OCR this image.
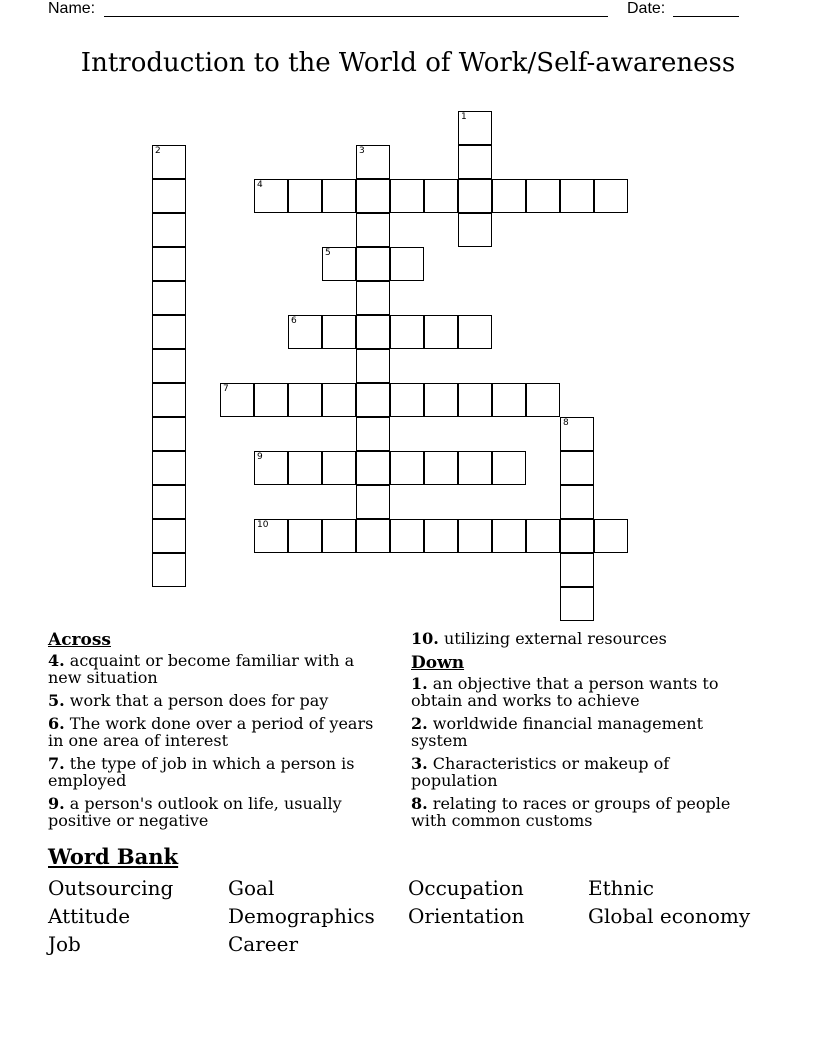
Name:	Date:
Introduction to the World of Work/Self-awareness
1
2	3
4
5
6
7
8
9
10
Across
4. acquaint or become familiar with a new situation
5. work that a person does for pay
6. The work done over a period of years in one area of interest
7. the type of job in which a person is employed
9. a person's outlook on life, usually positive or negative
10. utilizing external resources
Down
1. an objective that a person wants to obtain and works to achieve
2. worldwide financial management system
3. Characteristics or makeup of population
8. relating to races or groups of people with common customs
Word Bank
Outsourcing	Goal	Occupation	Ethnic
Attitude	Demographics	Orientation	Global economy
Job	Career
